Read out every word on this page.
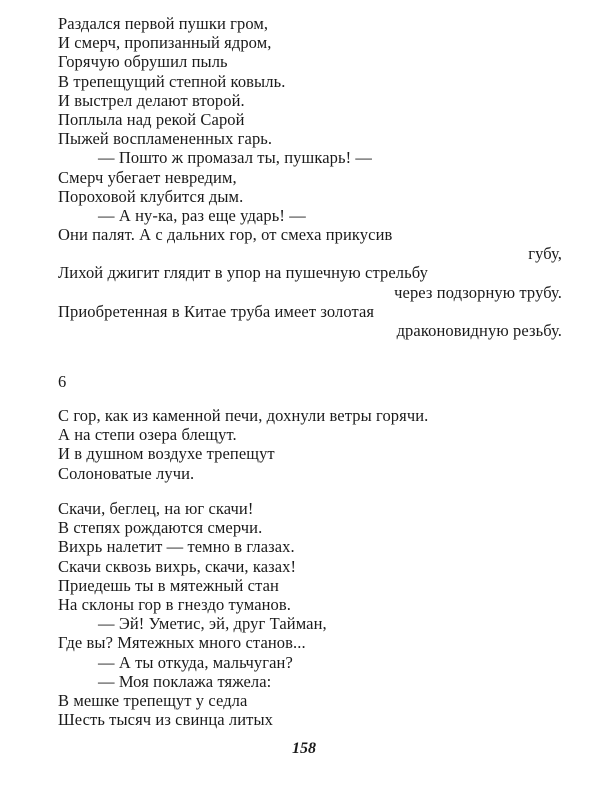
Раздался первой пушки гром,
И смерч, пропизанный ядром,
Горячую обрушил пыль
В трепещущий степной ковыль.
И выстрел делают второй.
Поплыла над рекой Сарой
Пыжей воспламененных гарь.
— Пошто ж промазал ты, пушкарь! —
Смерч убегает невредим,
Пороховой клубится дым.
— А ну-ка, раз еще ударь! —
Они палят. А с дальних гор, от смеха прикусив
губу,
Лихой джигит глядит в упор на пушечную стрельбу
через подзорную трубу.
Приобретенная в Китае труба имеет золотая
драконовидную резьбу.
6
С гор, как из каменной печи, дохнули ветры горячи.
А на степи озера блещут.
И в душном воздухе трепещут
Солоноватые лучи.
Скачи, беглец, на юг скачи!
В степях рождаются смерчи.
Вихрь налетит — темно в глазах.
Скачи сквозь вихрь, скачи, казах!
Приедешь ты в мятежный стан
На склоны гор в гнездо туманов.
— Эй! Уметис, эй, друг Тайман,
Где вы? Мятежных много станов...
— А ты откуда, мальчуган?
— Моя поклажа тяжела:
В мешке трепещут у седла
Шесть тысяч из свинца литых
158
